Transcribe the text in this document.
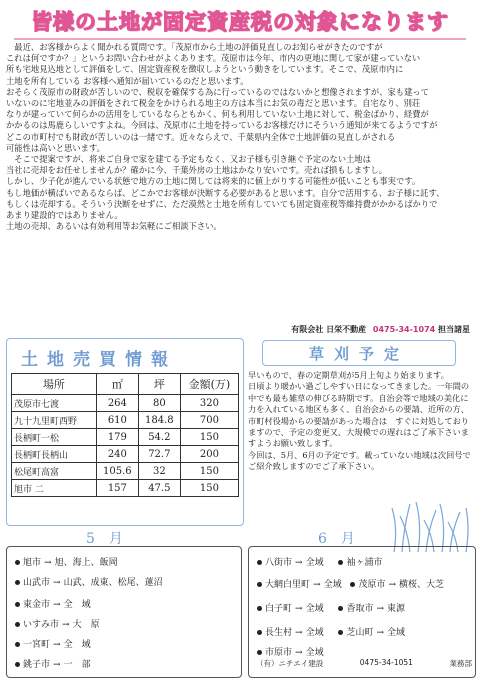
皆様の土地が固定資産税の対象になります

　最近、お客様からよく聞かれる質問です。「茂原市から土地の評価見直しのお知らせがきたのですが

これは何ですか？」というお問い合わせがよくあります。茂原市は今年、市内の更地に関して家が建っていない

所も宅地見込地として評価をして、固定資産税を徴収しようという動きをしています。そこで、茂原市内に

土地を所有している お客様へ通知が届いているのだと思います。

おそらく茂原市の財政が苦しいので、税収を確保する為に行っているのではないかと想像されますが、家も建って

いないのに宅地並みの評価をされて税金をかけられる地主の方は本当にお気の毒だと思います。自宅なり、別荘

なりが建っていて何らかの活用をしているならともかく、何も利用していない土地に対して、税金ばかり、経費が

かかるのは馬鹿らしいですよね。今回は、茂原市に土地を持っているお客様だけにそういう通知が来てるようですが

どこの市町村でも財政が苦しいのは一緒です。近々ならえで、千葉県内全体で土地評価の見直しがされる

可能性は高いと思います。

　そこで提案ですが、将来ご自身で家を建てる予定もなく、又お子様も引き継ぐ予定のない土地は

当社に売却をお任せしませんか？確かに今、千葉外房の土地はかなり安いです。売れば損もしますし。

しかし、少子化が進んでいる状態で地方の土地に関しては将来的に値上がりする可能性が低いことも事実です。

もし地価が横ばいであるならば、どこかでお客様が決断する必要があると思います。自分で活用する、お子様に託す、

もしくは売却する。そういう決断をせずに、ただ漠然と土地を所有していても固定資産税等維持費がかかるばかりで

あまり建設的ではありません。

土地の売却、あるいは有効利用等お気軽にご相談下さい。

有限会社 日栄不動産 0475-34-1074 担当諸星
土地売買情報
場所	㎡	坪	金額(万)
茂原市七渡	264	80	320
九十九里町西野	610	184.8	700
長柄町一松	179	54.2	150
長柄町長柄山	240	72.7	200
松尾町高富	105.6	32	150
旭市 二	157	47.5	150
草刈予定

早いもので、春の定期草刈が5月上旬より始まります。

日頃より暖かい過ごしやすい日になってきました。一年間の中でも最も雑草の伸びる時期です。自治会等で地域の美化に力を入れている地区も多く、自治会からの要請、近所の方、市町村役場からの要請があった場合は　すぐに対処しておりますので、予定の変更又、大規模での遅れはご了承下さいますようお願い致します。

今回は、5月、6月の予定です。載っていない地域は次回号でご紹介致しますのでご了承下さい。

5　月	6　月
旭市 → 旭、海上、飯岡
山武市 → 山武、成東、松尾、蓮沼
東金市 → 全　域
いすみ市 → 大　原
一宮町 → 全　域
銚子市 → 一　部
八街市 → 全域	袖ヶ浦市
大網白里町 → 全域 茂原市 → 横桜、大芝
白子町 → 全域	香取市 → 東源
長生村 → 全域	芝山町 → 全域
市原市 → 全域
（有）ニチエイ建設	0475-34-1051	業務部
